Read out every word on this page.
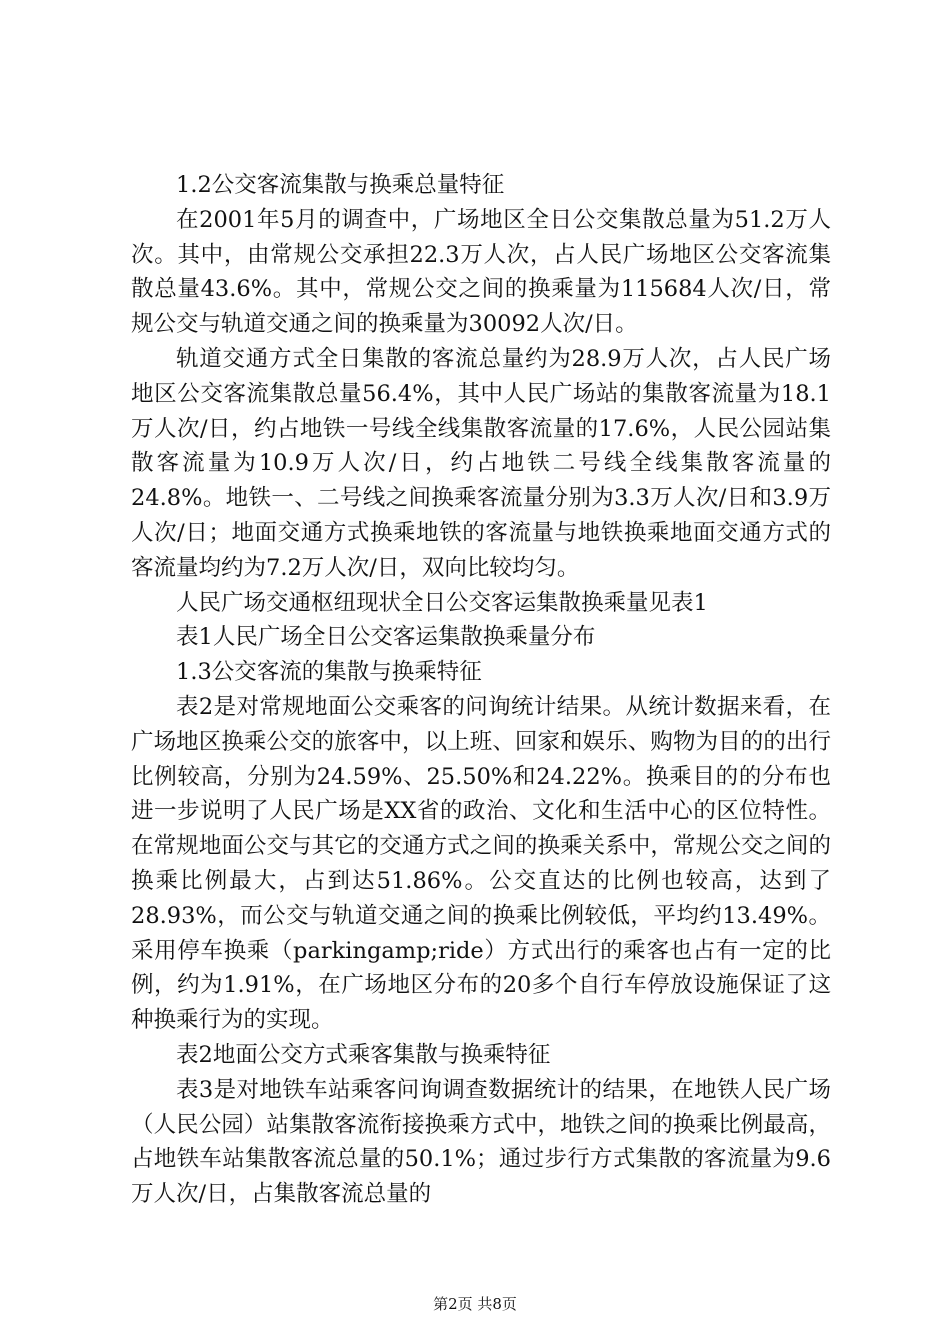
1.2公交客流集散与换乘总量特征

在2001年5月的调查中，广场地区全日公交集散总量为51.2万人次。其中，由常规公交承担22.3万人次，占人民广场地区公交客流集散总量43.6%。其中，常规公交之间的换乘量为115684人次/日，常规公交与轨道交通之间的换乘量为30092人次/日。

轨道交通方式全日集散的客流总量约为28.9万人次，占人民广场地区公交客流集散总量56.4%，其中人民广场站的集散客流量为18.1万人次/日，约占地铁一号线全线集散客流量的17.6%，人民公园站集散客流量为10.9万人次/日，约占地铁二号线全线集散客流量的24.8%。地铁一、二号线之间换乘客流量分别为3.3万人次/日和3.9万人次/日；地面交通方式换乘地铁的客流量与地铁换乘地面交通方式的客流量均约为7.2万人次/日，双向比较均匀。

人民广场交通枢纽现状全日公交客运集散换乘量见表1

表1人民广场全日公交客运集散换乘量分布

1.3公交客流的集散与换乘特征

表2是对常规地面公交乘客的问询统计结果。从统计数据来看，在广场地区换乘公交的旅客中，以上班、回家和娱乐、购物为目的的出行比例较高，分别为24.59%、25.50%和24.22%。换乘目的的分布也进一步说明了人民广场是XX省的政治、文化和生活中心的区位特性。在常规地面公交与其它的交通方式之间的换乘关系中，常规公交之间的换乘比例最大，占到达51.86%。公交直达的比例也较高，达到了28.93%，而公交与轨道交通之间的换乘比例较低，平均约13.49%。采用停车换乘（parkingamp;ride）方式出行的乘客也占有一定的比例，约为1.91%，在广场地区分布的20多个自行车停放设施保证了这种换乘行为的实现。

表2地面公交方式乘客集散与换乘特征

表3是对地铁车站乘客问询调查数据统计的结果，在地铁人民广场（人民公园）站集散客流衔接换乘方式中，地铁之间的换乘比例最高，占地铁车站集散客流总量的50.1%；通过步行方式集散的客流量为9.6万人次/日，占集散客流总量的

第2页 共8页
